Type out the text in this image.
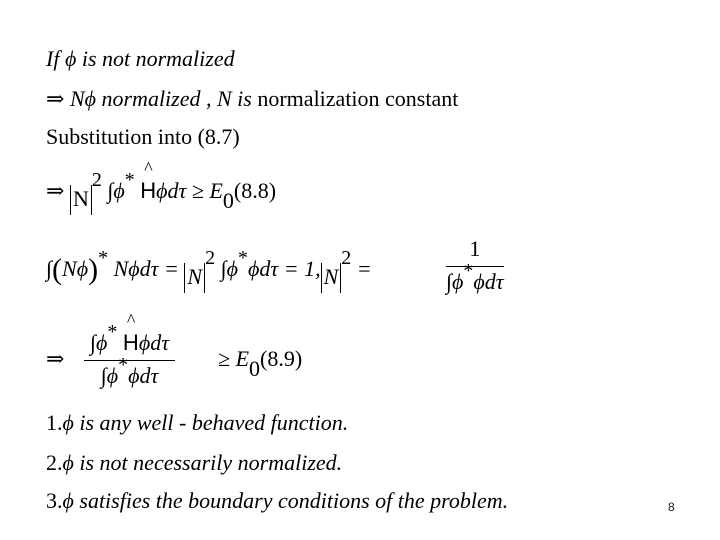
If ϕ is not normalized
⇒ Nϕ normalized , N is normalization constant
Substitution into (8.7)
⇒ $N^2$ ∫ϕ*
^
$H\phi d\tau \ge E_0(8.8)$
∫(Nϕ)* $N\phi d\tau = N^2$ ∫ϕ*ϕdτ = 1, $N^2$ =
1
∫ϕ*ϕdτ
⇒
∫ϕ*
^
Hϕdτ
∫ϕ*ϕdτ
≥ $E_0(8.9)$
1.ϕ is any well - behaved function.
2.ϕ is not necessarily normalized.
3.ϕ satisfies the boundary conditions of the problem.	8
